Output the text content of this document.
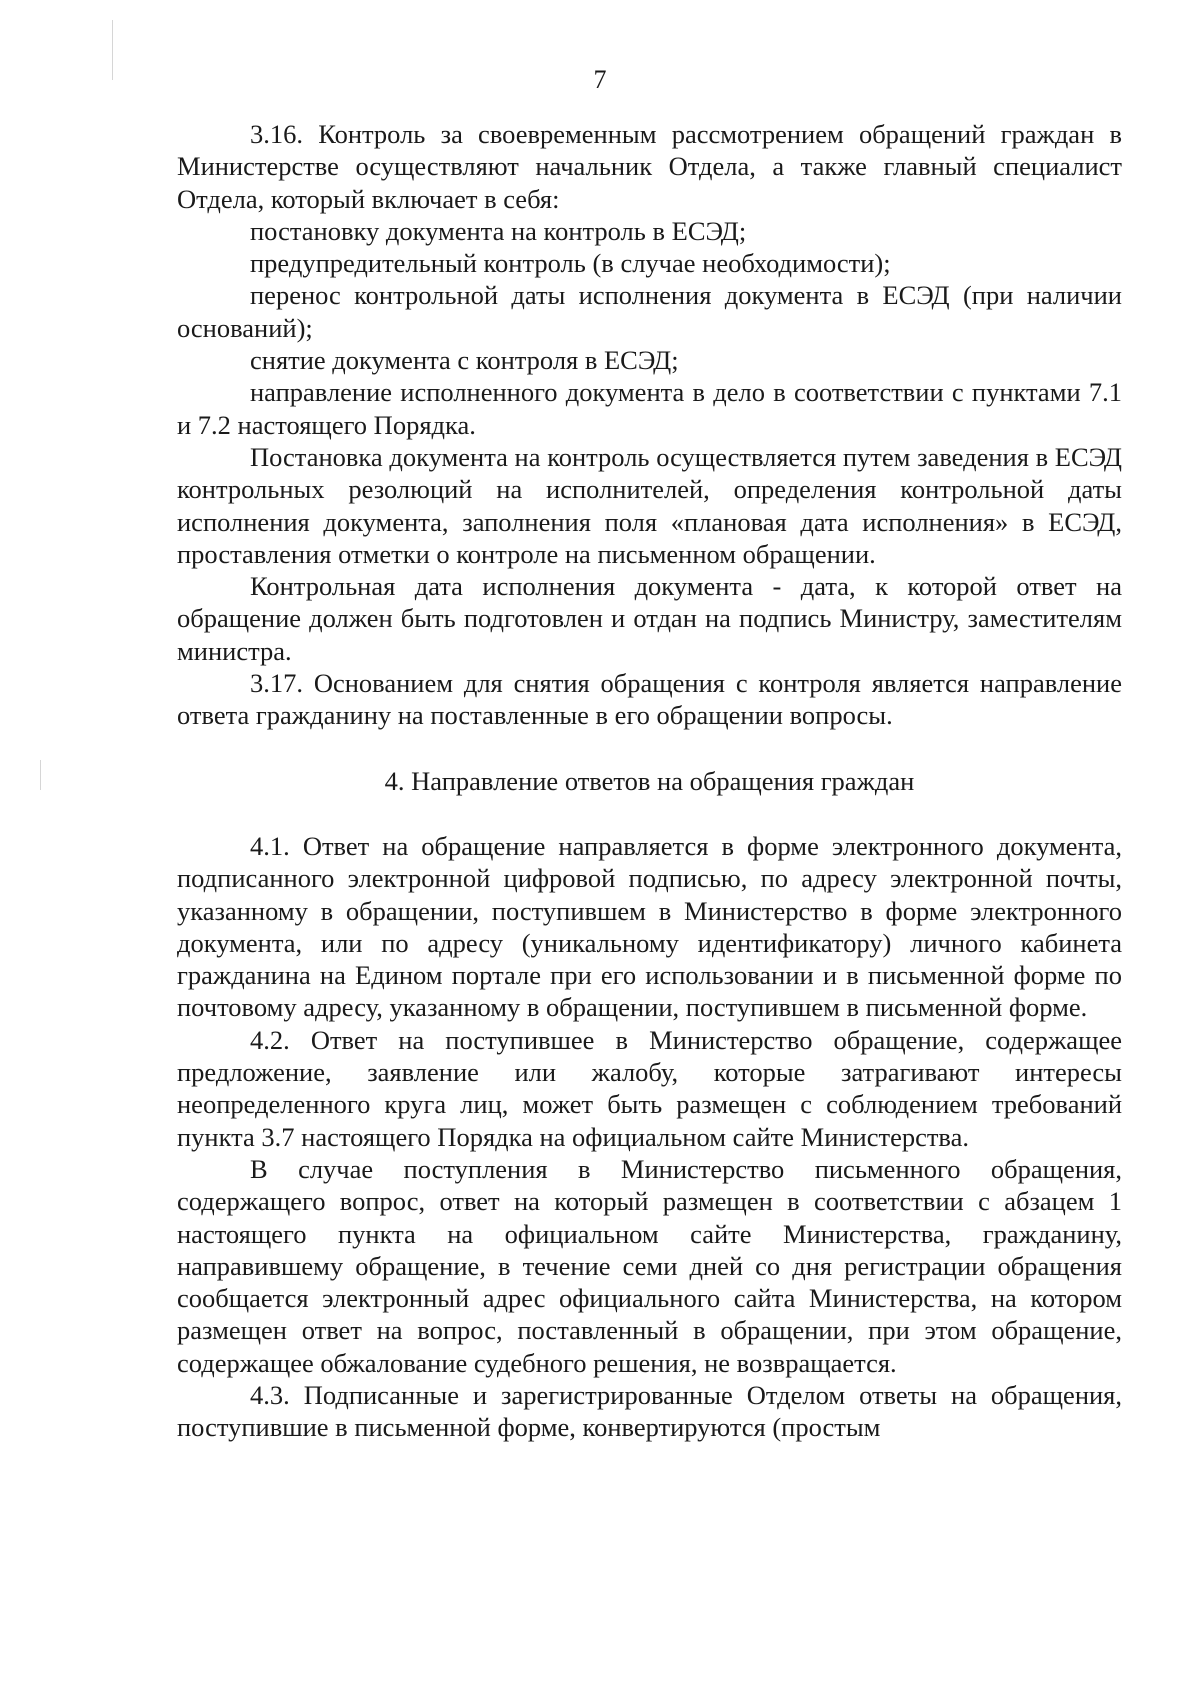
7

3.16. Контроль за своевременным рассмотрением обращений граждан в Министерстве осуществляют начальник Отдела, а также главный специалист Отдела, который включает в себя:

постановку документа на контроль в ЕСЭД;

предупредительный контроль (в случае необходимости);

перенос контрольной даты исполнения документа в ЕСЭД (при наличии оснований);

снятие документа с контроля в ЕСЭД;

направление исполненного документа в дело в соответствии с пунктами 7.1 и 7.2 настоящего Порядка.

Постановка документа на контроль осуществляется путем заведения в ЕСЭД контрольных резолюций на исполнителей, определения контрольной даты исполнения документа, заполнения поля «плановая дата исполнения» в ЕСЭД, проставления отметки о контроле на письменном обращении.

Контрольная дата исполнения документа - дата, к которой ответ на обращение должен быть подготовлен и отдан на подпись Министру, заместителям министра.

3.17. Основанием для снятия обращения с контроля является направление ответа гражданину на поставленные в его обращении вопросы.

4. Направление ответов на обращения граждан

4.1. Ответ на обращение направляется в форме электронного документа, подписанного электронной цифровой подписью, по адресу электронной почты, указанному в обращении, поступившем в Министерство в форме электронного документа, или по адресу (уникальному идентификатору) личного кабинета гражданина на Едином портале при его использовании и в письменной форме по почтовому адресу, указанному в обращении, поступившем в письменной форме.

4.2. Ответ на поступившее в Министерство обращение, содержащее предложение, заявление или жалобу, которые затрагивают интересы неопределенного круга лиц, может быть размещен с соблюдением требований пункта 3.7 настоящего Порядка на официальном сайте Министерства.

В случае поступления в Министерство письменного обращения, содержащего вопрос, ответ на который размещен в соответствии с абзацем 1 настоящего пункта на официальном сайте Министерства, гражданину, направившему обращение, в течение семи дней со дня регистрации обращения сообщается электронный адрес официального сайта Министерства, на котором размещен ответ на вопрос, поставленный в обращении, при этом обращение, содержащее обжалование судебного решения, не возвращается.

4.3. Подписанные и зарегистрированные Отделом ответы на обращения, поступившие в письменной форме, конвертируются (простым
